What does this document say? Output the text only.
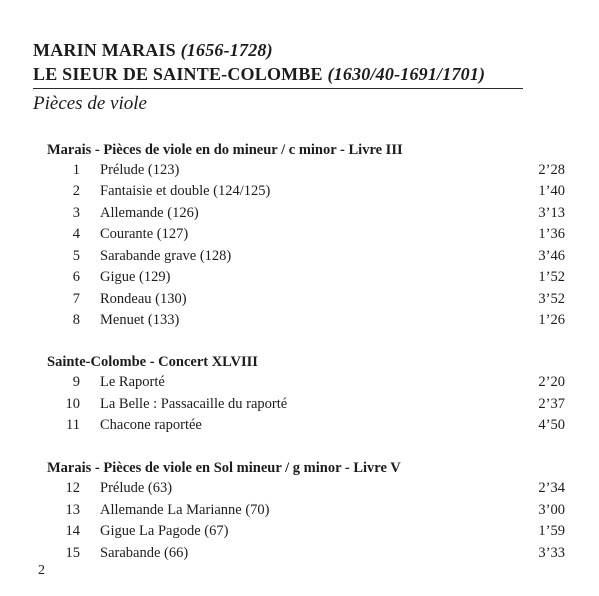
MARIN MARAIS (1656-1728)
LE SIEUR DE SAINTE-COLOMBE (1630/40-1691/1701)
Pièces de viole
Marais - Pièces de viole en do mineur / c minor - Livre III
1 Prélude (123)	2’28
2 Fantaisie et double (124/125)	1’40
3 Allemande (126)	3’13
4 Courante (127)	1’36
5 Sarabande grave (128)	3’46
6 Gigue (129)	1’52
7 Rondeau (130)	3’52
8 Menuet (133)	1’26
Sainte-Colombe - Concert XLVIII
9 Le Raporté	2’20
10 La Belle : Passacaille du raporté	2’37
11 Chacone raportée	4’50
Marais - Pièces de viole en Sol mineur / g minor - Livre V
12 Prélude (63)	2’34
13 Allemande La Marianne (70)	3’00
14 Gigue La Pagode (67)	1’59
15 Sarabande (66)	3’33
2
